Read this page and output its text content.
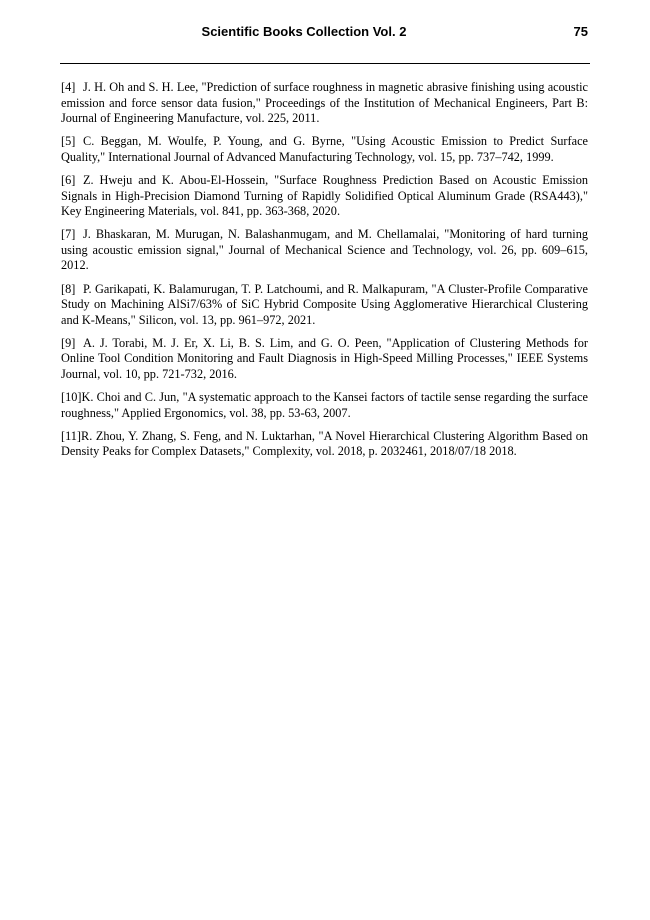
Scientific Books Collection Vol. 2	75

[4] J. H. Oh and S. H. Lee, "Prediction of surface roughness in magnetic abrasive finishing using acoustic emission and force sensor data fusion," Proceedings of the Institution of Mechanical Engineers, Part B: Journal of Engineering Manufacture, vol. 225, 2011.

[5] C. Beggan, M. Woulfe, P. Young, and G. Byrne, "Using Acoustic Emission to Predict Surface Quality," International Journal of Advanced Manufacturing Technology, vol. 15, pp. 737–742, 1999.

[6] Z. Hweju and K. Abou-El-Hossein, "Surface Roughness Prediction Based on Acoustic Emission Signals in High-Precision Diamond Turning of Rapidly Solidified Optical Aluminum Grade (RSA443)," Key Engineering Materials, vol. 841, pp. 363-368, 2020.

[7] J. Bhaskaran, M. Murugan, N. Balashanmugam, and M. Chellamalai, "Monitoring of hard turning using acoustic emission signal," Journal of Mechanical Science and Technology, vol. 26, pp. 609–615, 2012.

[8] P. Garikapati, K. Balamurugan, T. P. Latchoumi, and R. Malkapuram, "A Cluster-Profile Comparative Study on Machining AlSi7/63% of SiC Hybrid Composite Using Agglomerative Hierarchical Clustering and K-Means," Silicon, vol. 13, pp. 961–972, 2021.

[9] A. J. Torabi, M. J. Er, X. Li, B. S. Lim, and G. O. Peen, "Application of Clustering Methods for Online Tool Condition Monitoring and Fault Diagnosis in High-Speed Milling Processes," IEEE Systems Journal, vol. 10, pp. 721-732, 2016.

[10]K. Choi and C. Jun, "A systematic approach to the Kansei factors of tactile sense regarding the surface roughness," Applied Ergonomics, vol. 38, pp. 53-63, 2007.

[11]R. Zhou, Y. Zhang, S. Feng, and N. Luktarhan, "A Novel Hierarchical Clustering Algorithm Based on Density Peaks for Complex Datasets," Complexity, vol. 2018, p. 2032461, 2018/07/18 2018.
